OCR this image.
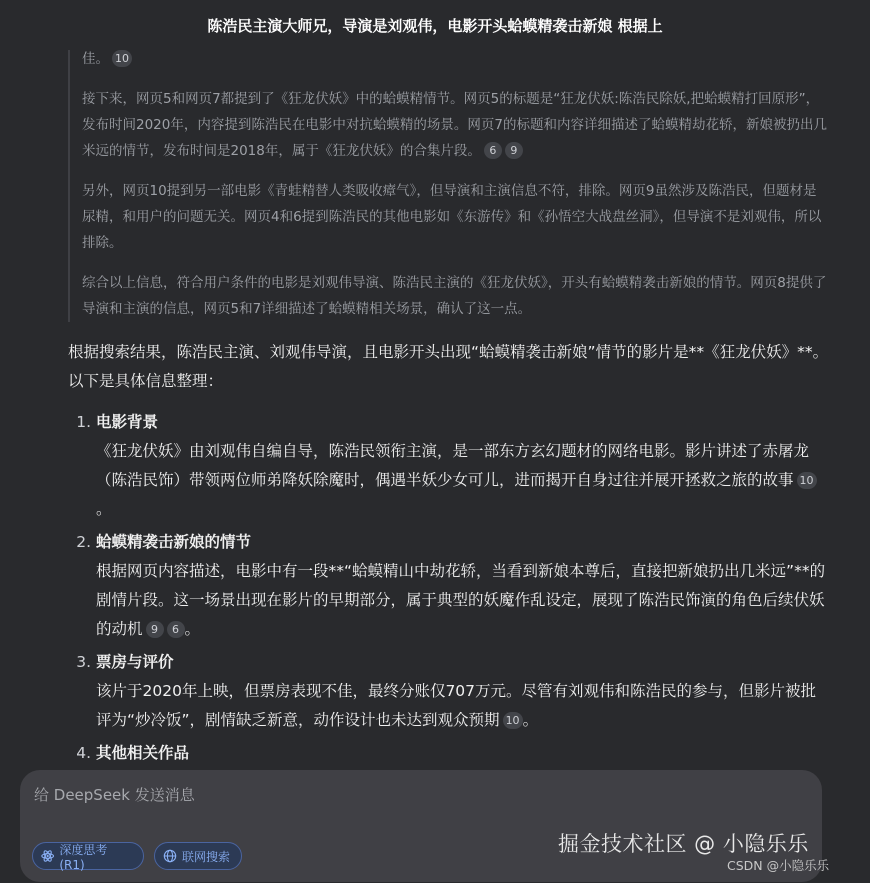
陈浩民主演大师兄，导演是刘观伟，电影开头蛤蟆精袭击新娘 根据上

佳。 10

接下来，网页5和网页7都提到了《狂龙伏妖》中的蛤蟆精情节。网页5的标题是“狂龙伏妖:陈浩民除妖,把蛤蟆精打回原形”，发布时间2020年，内容提到陈浩民在电影中对抗蛤蟆精的场景。网页7的标题和内容详细描述了蛤蟆精劫花轿，新娘被扔出几米远的情节，发布时间是2018年，属于《狂龙伏妖》的合集片段。 6 9

另外，网页10提到另一部电影《青蛙精替人类吸收瘴气》，但导演和主演信息不符，排除。网页9虽然涉及陈浩民，但题材是尿精，和用户的问题无关。网页4和6提到陈浩民的其他电影如《东游传》和《孙悟空大战盘丝洞》，但导演不是刘观伟，所以排除。

综合以上信息，符合用户条件的电影是刘观伟导演、陈浩民主演的《狂龙伏妖》，开头有蛤蟆精袭击新娘的情节。网页8提供了导演和主演的信息，网页5和7详细描述了蛤蟆精相关场景，确认了这一点。

根据搜索结果，陈浩民主演、刘观伟导演，且电影开头出现“蛤蟆精袭击新娘”情节的影片是**《狂龙伏妖》**。以下是具体信息整理：

1. 电影背景
《狂龙伏妖》由刘观伟自编自导，陈浩民领衔主演，是一部东方玄幻题材的网络电影。影片讲述了赤屠龙（陈浩民饰）带领两位师弟降妖除魔时，偶遇半妖少女可儿，进而揭开自身过往并展开拯救之旅的故事 10。
2. 蛤蟆精袭击新娘的情节
根据网页内容描述，电影中有一段**“蛤蟆精山中劫花轿，当看到新娘本尊后，直接把新娘扔出几米远”**的剧情片段。这一场景出现在影片的早期部分，属于典型的妖魔作乱设定，展现了陈浩民饰演的角色后续伏妖的动机 9 6 。
3. 票房与评价
该片于2020年上映，但票房表现不佳，最终分账仅707万元。尽管有刘观伟和陈浩民的参与，但影片被批评为“炒冷饭”，剧情缺乏新意，动作设计也未达到观众预期 10 。
4. 其他相关作品
给 DeepSeek 发送消息
深度思考 (R1)
联网搜索
掘金技术社区 @ 小隐乐乐
CSDN @小隐乐乐
